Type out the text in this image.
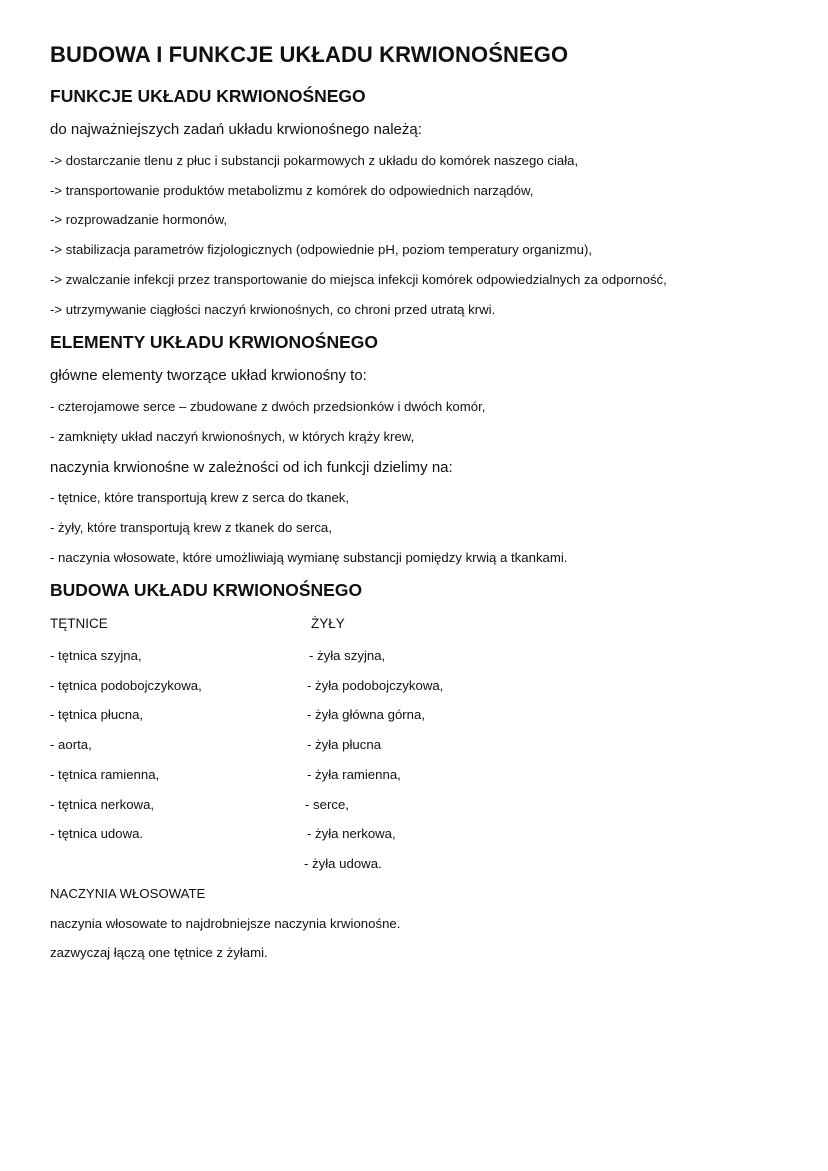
BUDOWA I FUNKCJE UKŁADU KRWIONOŚNEGO
FUNKCJE UKŁADU KRWIONOŚNEGO

do najważniejszych zadań układu krwionośnego należą:

-> dostarczanie tlenu z płuc i substancji pokarmowych z układu do komórek naszego ciała,

-> transportowanie produktów metabolizmu z komórek do odpowiednich narządów,

-> rozprowadzanie hormonów,

-> stabilizacja parametrów fizjologicznych (odpowiednie pH, poziom temperatury organizmu),

-> zwalczanie infekcji przez transportowanie do miejsca infekcji komórek odpowiedzialnych za odporność,

-> utrzymywanie ciągłości naczyń krwionośnych, co chroni przed utratą krwi.

ELEMENTY UKŁADU KRWIONOŚNEGO

główne elementy tworzące układ krwionośny to:

- czterojamowe serce – zbudowane z dwóch przedsionków i dwóch komór,

- zamknięty układ naczyń krwionośnych, w których krąży krew,

naczynia krwionośne w zależności od ich funkcji dzielimy na:

- tętnice, które transportują krew z serca do tkanek,

- żyły, które transportują krew z tkanek do serca,

- naczynia włosowate, które umożliwiają wymianę substancji pomiędzy krwią a tkankami.

BUDOWA UKŁADU KRWIONOŚNEGO

TĘTNICE	ŻYŁY

- tętnica szyjna,

- tętnica podobojczykowa,

- tętnica płucna,

- aorta,

- tętnica ramienna,

- tętnica nerkowa,

- tętnica udowa.

- żyła szyjna,

- żyła podobojczykowa,

- żyła główna górna,

- żyła płucna

- żyła ramienna,

- serce,

- żyła nerkowa,

- żyła udowa.

NACZYNIA WŁOSOWATE

naczynia włosowate to najdrobniejsze naczynia krwionośne.

zazwyczaj łączą one tętnice z żyłami.
